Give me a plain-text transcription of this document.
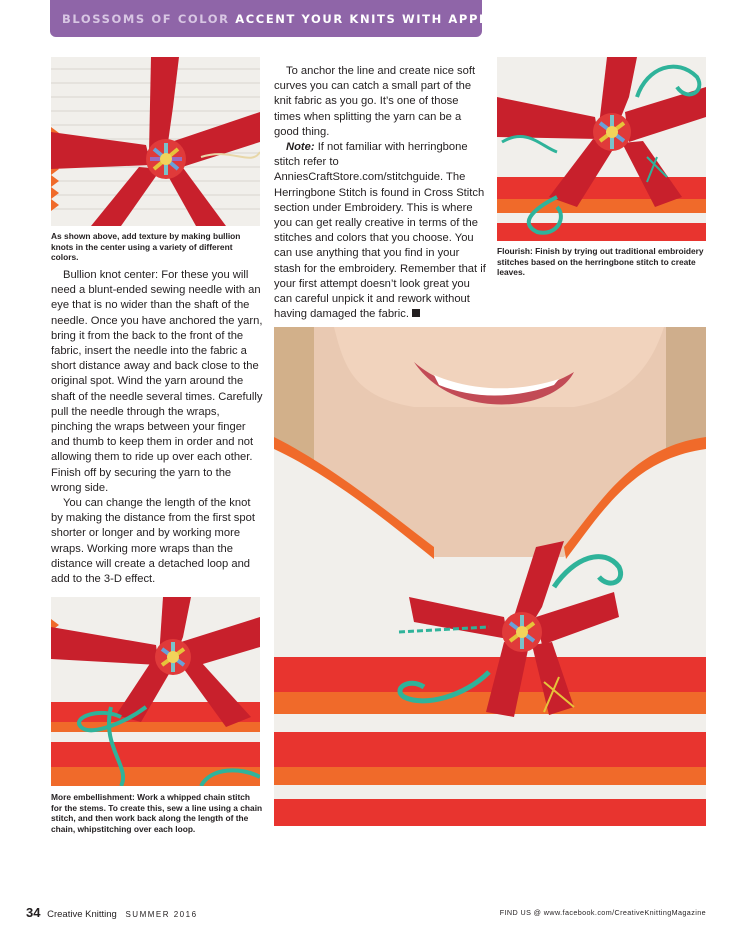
BLOSSOMS OF COLOR ACCENT YOUR KNITS WITH APPLIQUÉ
As shown above, add texture by making bullion knots in the center using a variety of different colors.

Bullion knot center: For these you will need a blunt-ended sewing needle with an eye that is no wider than the shaft of the needle. Once you have anchored the yarn, bring it from the back to the front of the fabric, insert the needle into the fabric a short distance away and back close to the original spot. Wind the yarn around the shaft of the needle several times. Carefully pull the needle through the wraps, pinching the wraps between your finger and thumb to keep them in order and not allowing them to ride up over each other. Finish off by securing the yarn to the wrong side.

You can change the length of the knot by making the distance from the first spot shorter or longer and by working more wraps. Working more wraps than the distance will create a detached loop and add to the 3-D effect.

More embellishment: Work a whipped chain stitch for the stems. To create this, sew a line using a chain stitch, and then work back along the length of the chain, whipstitching over each loop.

To anchor the line and create nice soft curves you can catch a small part of the knit fabric as you go. It’s one of those times when splitting the yarn can be a good thing.

Note: If not familiar with herringbone stitch refer to AnniesCraftStore.com/stitchguide. The Herringbone Stitch is found in Cross Stitch section under Embroidery. This is where you can get really creative in terms of the stitches and colors that you choose. You can use anything that you find in your stash for the embroidery. Remember that if your first attempt doesn’t look great you can careful unpick it and rework without having damaged the fabric.

Flourish: Finish by trying out traditional embroidery stitches based on the herringbone stitch to create leaves.
34 Creative Knitting SUMMER 2016	FIND US @ www.facebook.com/CreativeKnittingMagazine
